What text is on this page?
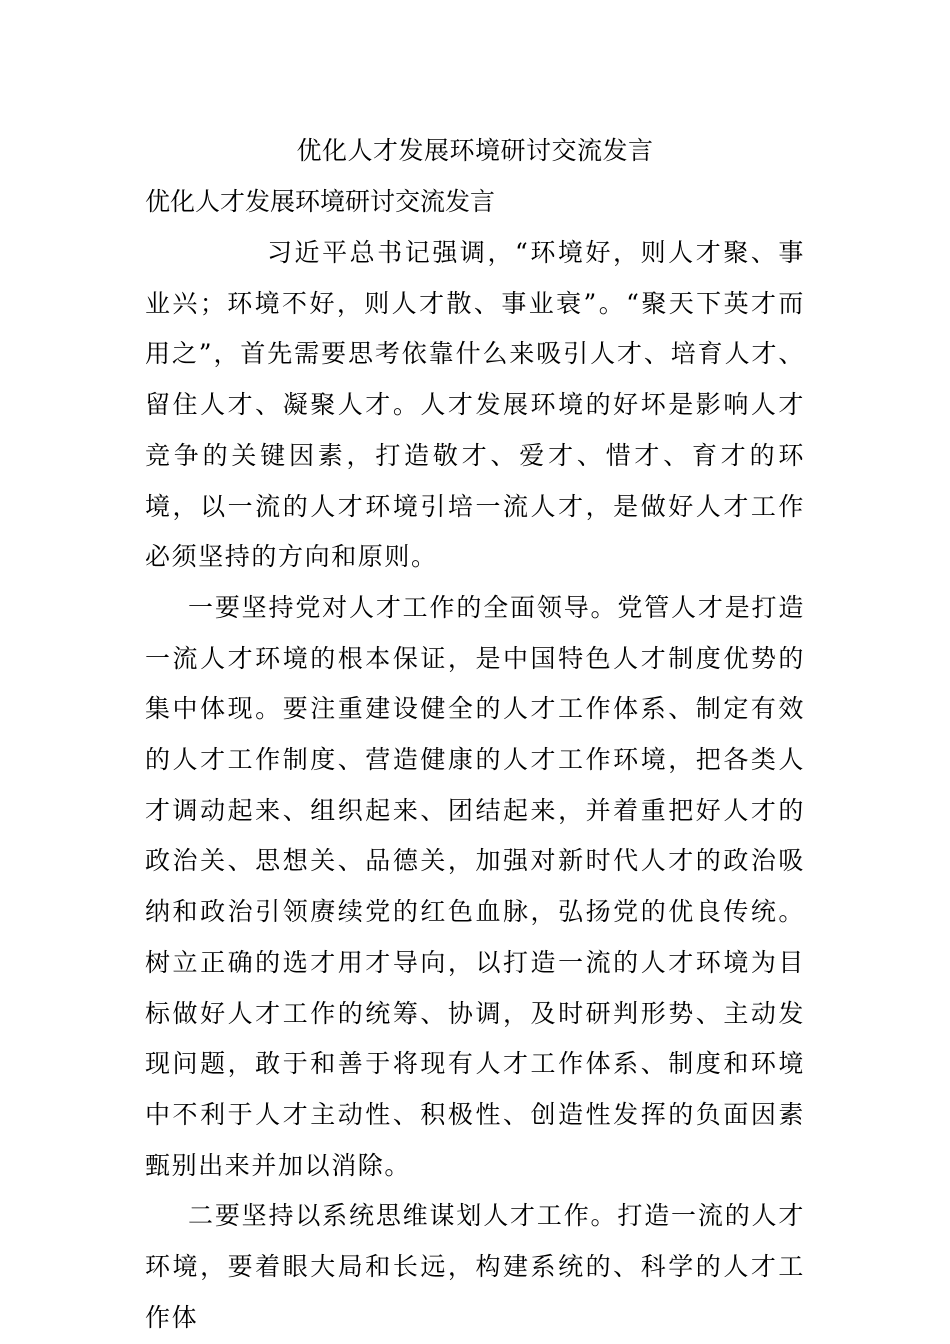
优化人才发展环境研讨交流发言
优化人才发展环境研讨交流发言

习近平总书记强调，“环境好，则人才聚、事业兴；环境不好，则人才散、事业衰”。“聚天下英才而用之”，首先需要思考依靠什么来吸引人才、培育人才、留住人才、凝聚人才。人才发展环境的好坏是影响人才竞争的关键因素，打造敬才、爱才、惜才、育才的环境，以一流的人才环境引培一流人才，是做好人才工作必须坚持的方向和原则。

一要坚持党对人才工作的全面领导。党管人才是打造一流人才环境的根本保证，是中国特色人才制度优势的集中体现。要注重建设健全的人才工作体系、制定有效的人才工作制度、营造健康的人才工作环境，把各类人才调动起来、组织起来、团结起来，并着重把好人才的政治关、思想关、品德关，加强对新时代人才的政治吸纳和政治引领赓续党的红色血脉，弘扬党的优良传统。树立正确的选才用才导向，以打造一流的人才环境为目标做好人才工作的统筹、协调，及时研判形势、主动发现问题，敢于和善于将现有人才工作体系、制度和环境中不利于人才主动性、积极性、创造性发挥的负面因素甄别出来并加以消除。

二要坚持以系统思维谋划人才工作。打造一流的人才环境，要着眼大局和长远，构建系统的、科学的人才工作体
